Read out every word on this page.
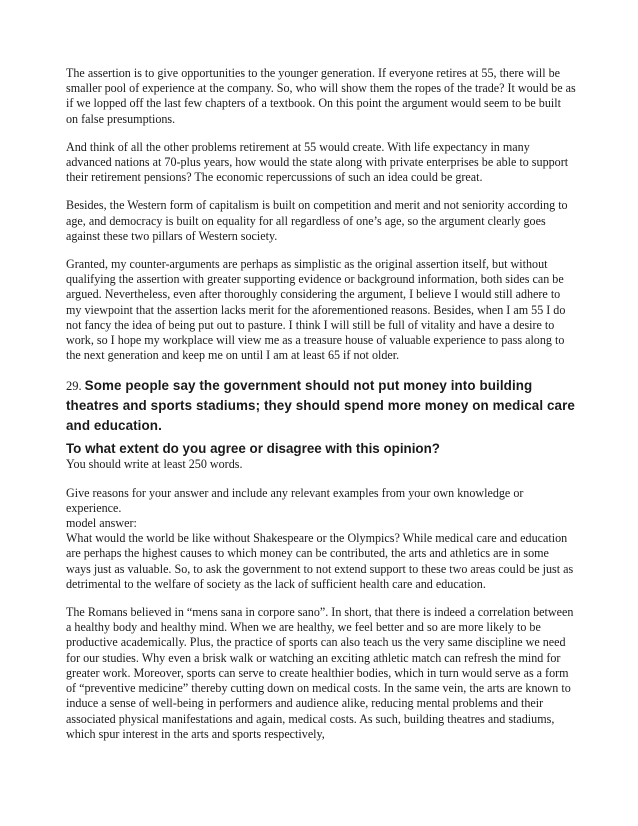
The assertion is to give opportunities to the younger generation. If everyone retires at 55, there will be smaller pool of experience at the company. So, who will show them the ropes of the trade? It would be as if we lopped off the last few chapters of a textbook. On this point the argument would seem to be built on false presumptions.

And think of all the other problems retirement at 55 would create. With life expectancy in many advanced nations at 70-plus years, how would the state along with private enterprises be able to support their retirement pensions? The economic repercussions of such an idea could be great.

Besides, the Western form of capitalism is built on competition and merit and not seniority according to age, and democracy is built on equality for all regardless of one’s age, so the argument clearly goes against these two pillars of Western society.

Granted, my counter-arguments are perhaps as simplistic as the original assertion itself, but without qualifying the assertion with greater supporting evidence or background information, both sides can be argued. Nevertheless, even after thoroughly considering the argument, I believe I would still adhere to my viewpoint that the assertion lacks merit for the aforementioned reasons. Besides, when I am 55 I do not fancy the idea of being put out to pasture. I think I will still be full of vitality and have a desire to work, so I hope my workplace will view me as a treasure house of valuable experience to pass along to the next generation and keep me on until I am at least 65 if not older.

29. Some people say the government should not put money into building theatres and sports stadiums; they should spend more money on medical care and education.
To what extent do you agree or disagree with this opinion?
You should write at least 250 words.

Give reasons for your answer and include any relevant examples from your own knowledge or experience.

model answer:

What would the world be like without Shakespeare or the Olympics? While medical care and education are perhaps the highest causes to which money can be contributed, the arts and athletics are in some ways just as valuable. So, to ask the government to not extend support to these two areas could be just as detrimental to the welfare of society as the lack of sufficient health care and education.

The Romans believed in “mens sana in corpore sano”. In short, that there is indeed a correlation between a healthy body and healthy mind. When we are healthy, we feel better and so are more likely to be productive academically. Plus, the practice of sports can also teach us the very same discipline we need for our studies. Why even a brisk walk or watching an exciting athletic match can refresh the mind for greater work. Moreover, sports can serve to create healthier bodies, which in turn would serve as a form of “preventive medicine” thereby cutting down on medical costs. In the same vein, the arts are known to induce a sense of well-being in performers and audience alike, reducing mental problems and their associated physical manifestations and again, medical costs. As such, building theatres and stadiums, which spur interest in the arts and sports respectively,
